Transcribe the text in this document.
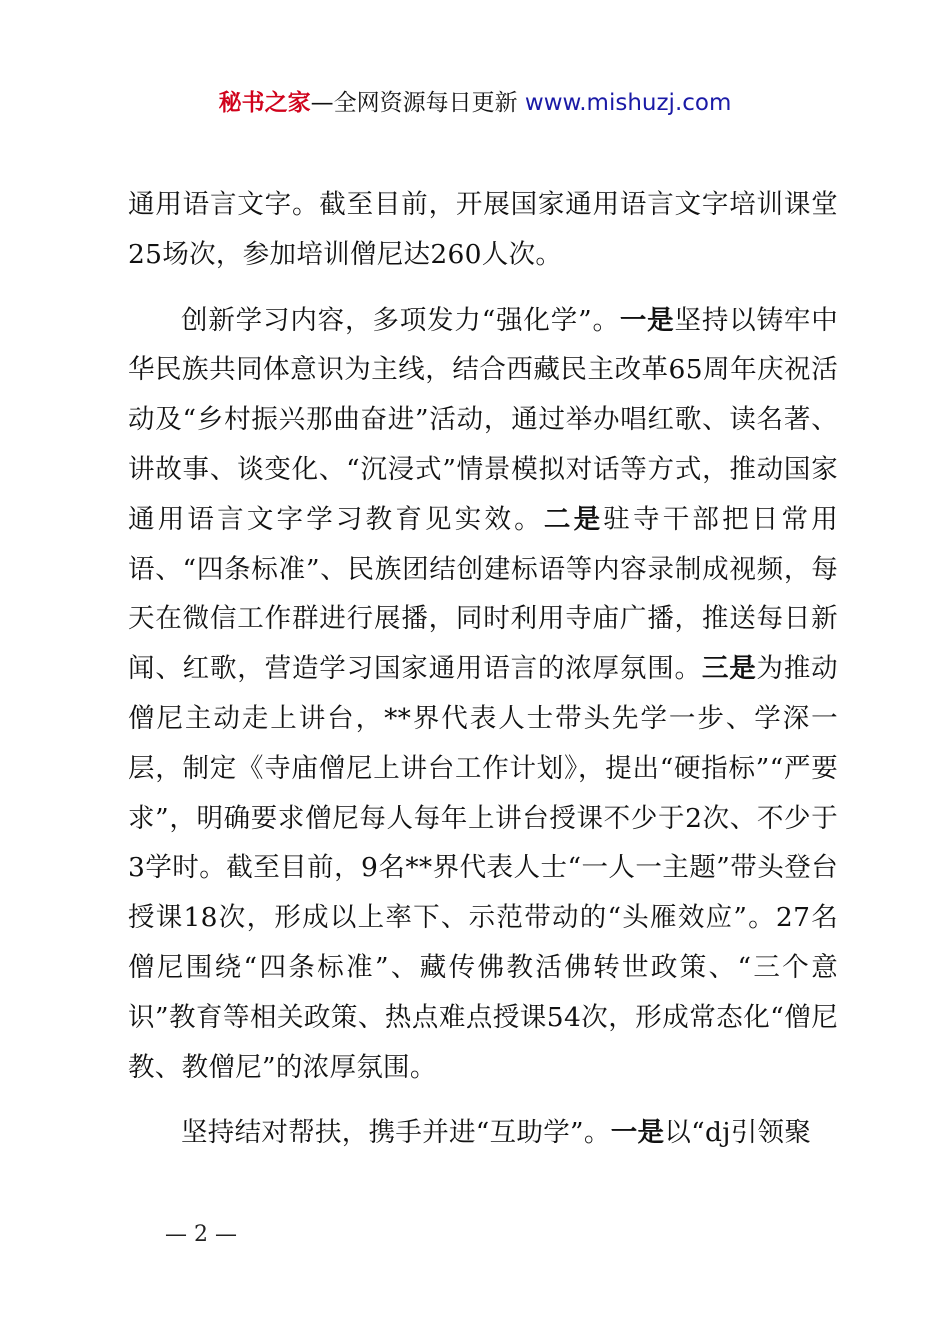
秘书之家—全网资源每日更新 www.mishuzj.com

通用语言文字。截至目前，开展国家通用语言文字培训课堂25场次，参加培训僧尼达260人次。

创新学习内容，多项发力“强化学”。一是坚持以铸牢中华民族共同体意识为主线，结合西藏民主改革65周年庆祝活动及“乡村振兴那曲奋进”活动，通过举办唱红歌、读名著、讲故事、谈变化、“沉浸式”情景模拟对话等方式，推动国家通用语言文字学习教育见实效。二是驻寺干部把日常用语、“四条标准”、民族团结创建标语等内容录制成视频，每天在微信工作群进行展播，同时利用寺庙广播，推送每日新闻、红歌，营造学习国家通用语言的浓厚氛围。三是为推动僧尼主动走上讲台，**界代表人士带头先学一步、学深一层，制定《寺庙僧尼上讲台工作计划》，提出“硬指标”“严要求”，明确要求僧尼每人每年上讲台授课不少于2次、不少于3学时。截至目前，9名**界代表人士“一人一主题”带头登台授课18次，形成以上率下、示范带动的“头雁效应”。27名僧尼围绕“四条标准”、藏传佛教活佛转世政策、“三个意识”教育等相关政策、热点难点授课54次，形成常态化“僧尼教、教僧尼”的浓厚氛围。

坚持结对帮扶，携手并进“互助学”。一是以“dj引领聚

— 2 —
